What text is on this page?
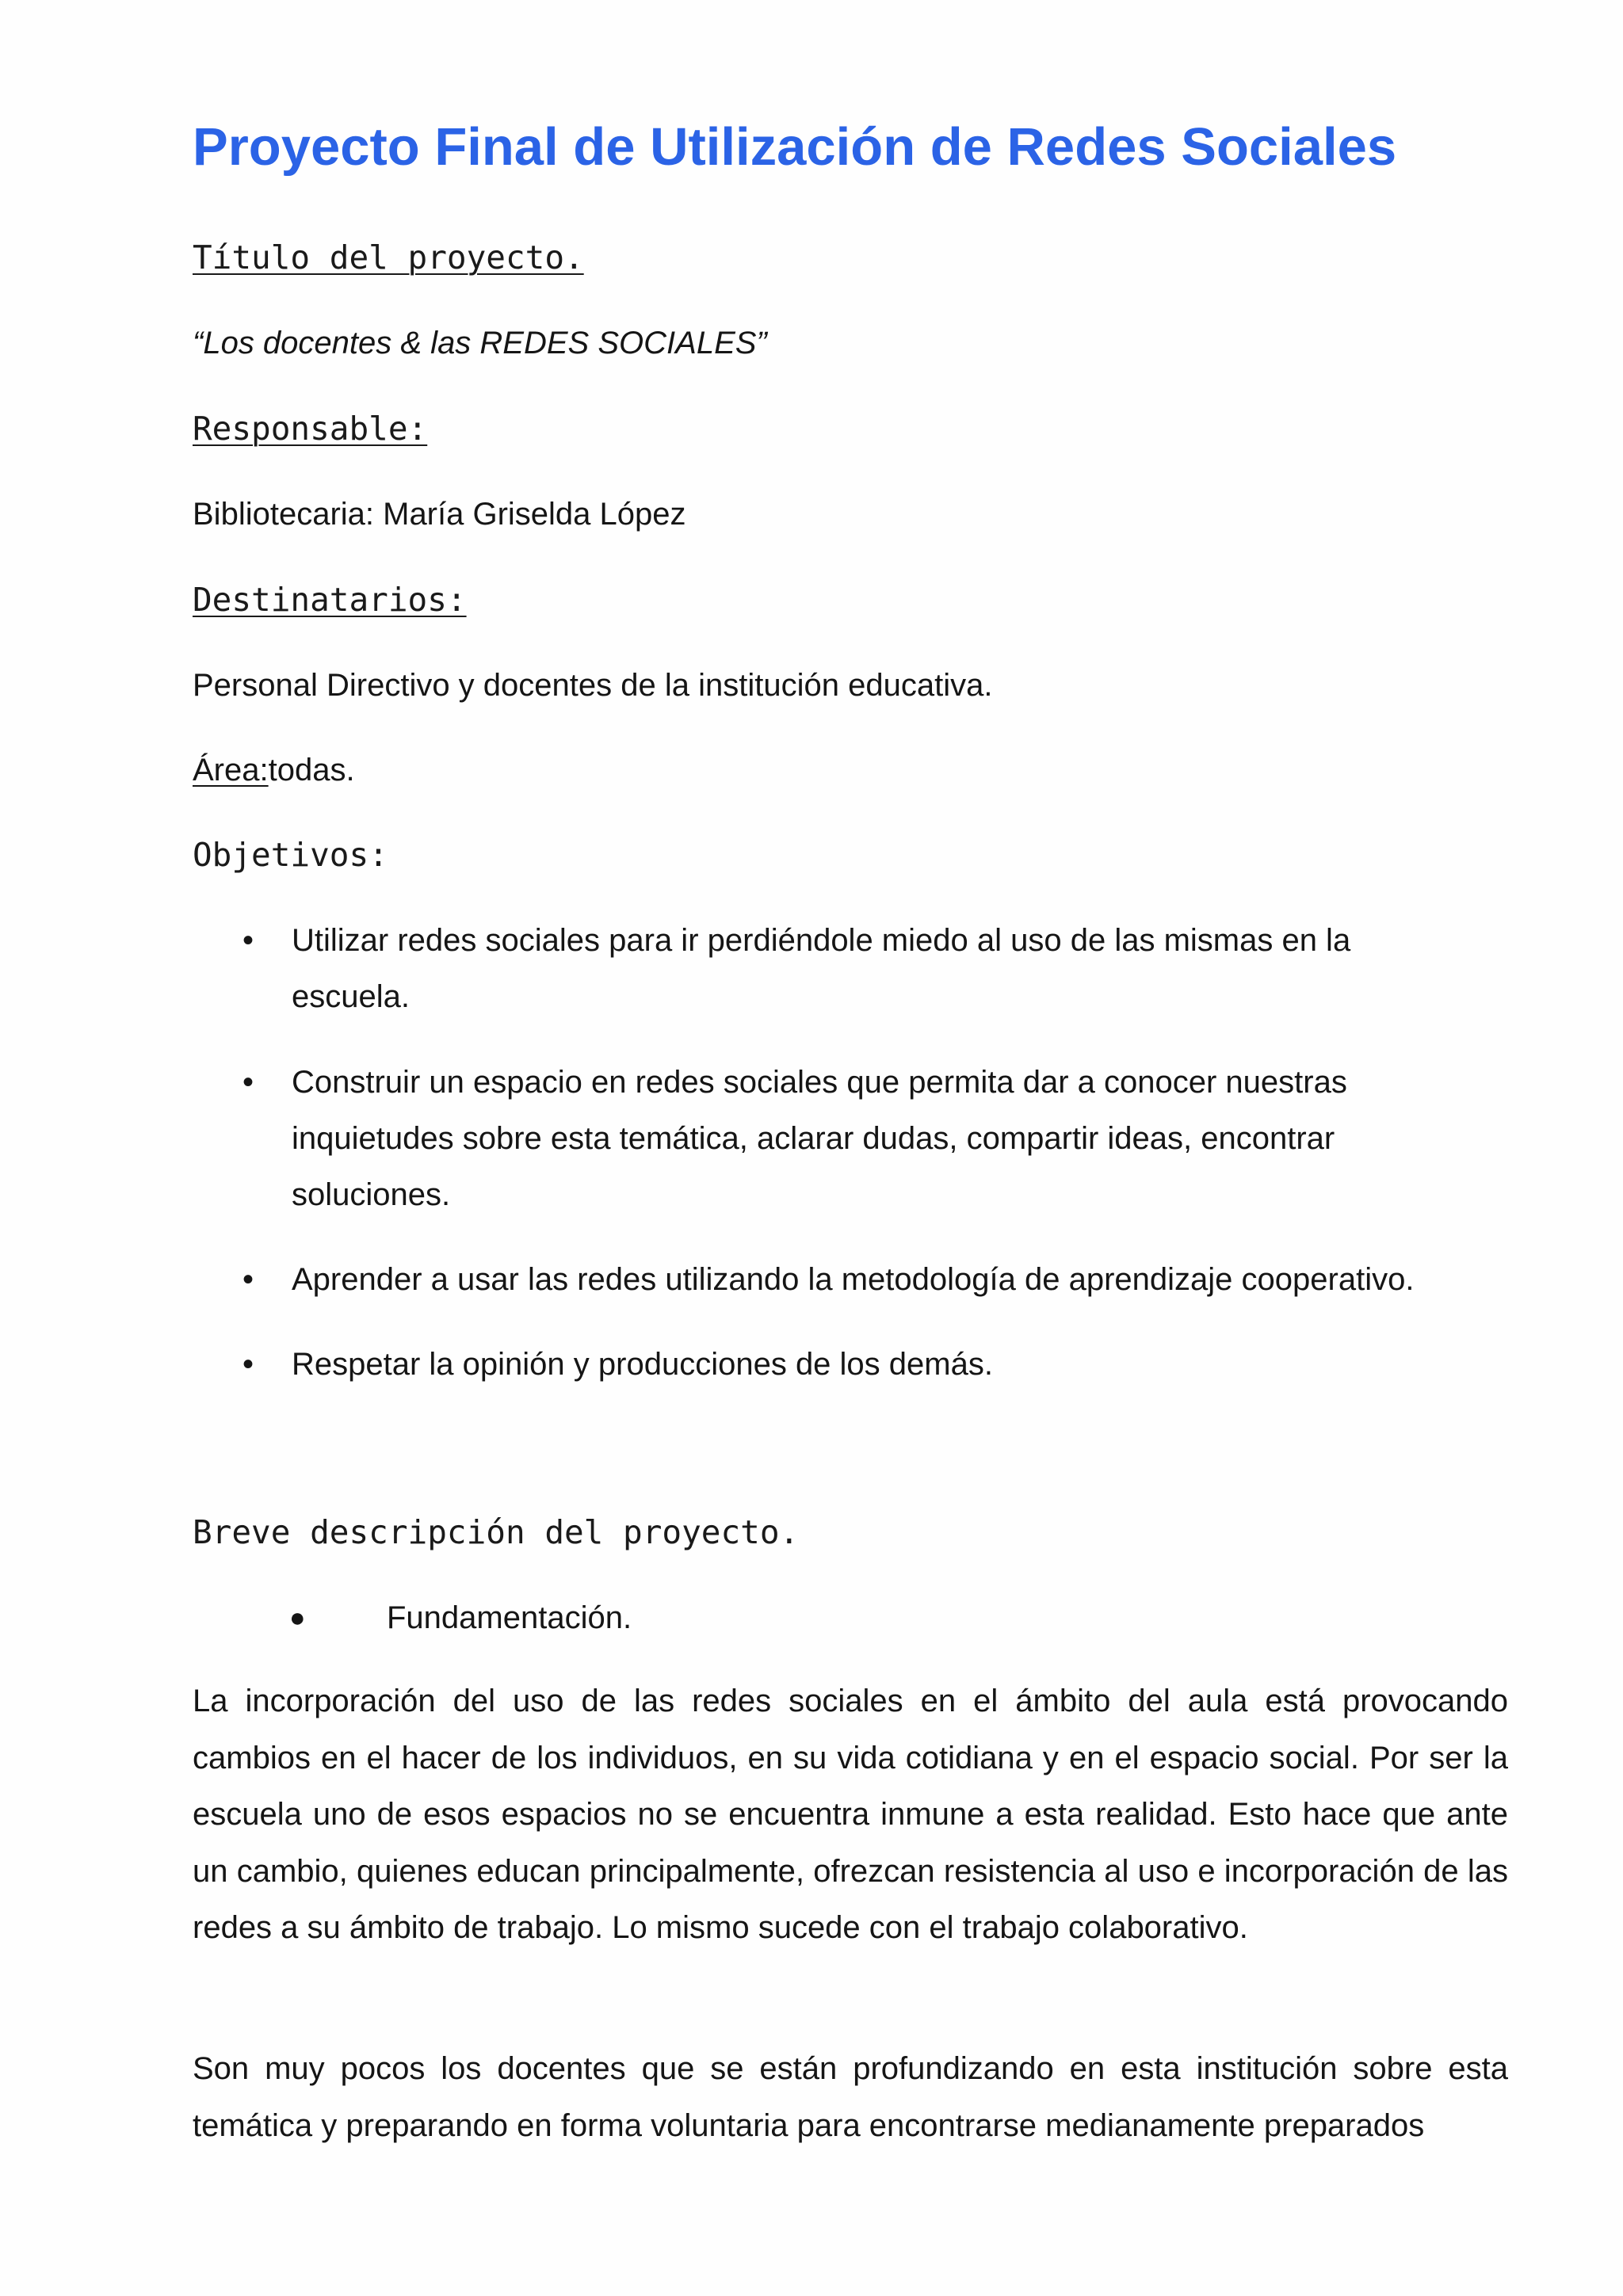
Proyecto Final de Utilización de Redes Sociales
Título del proyecto.
“Los docentes & las REDES SOCIALES”
Responsable:
Bibliotecaria: María Griselda López
Destinatarios:
Personal Directivo y docentes de la institución educativa.
Área:todas.
Objetivos:
• Utilizar redes sociales para ir perdiéndole miedo al uso de las mismas en la
escuela.
• Construir un espacio en redes sociales que permita dar a conocer nuestras
inquietudes sobre esta temática, aclarar dudas, compartir ideas, encontrar
soluciones.
• Aprender a usar las redes utilizando la metodología de aprendizaje cooperativo.
• Respetar la opinión y producciones de los demás.
Breve descripción del proyecto.
●	Fundamentación.

La incorporación del uso de las redes sociales en el ámbito del aula está provocando cambios en el hacer de los individuos, en su vida cotidiana y en el espacio social. Por ser la escuela uno de esos espacios no se encuentra inmune a esta realidad. Esto hace que ante un cambio, quienes educan principalmente, ofrezcan resistencia al uso e incorporación de las redes a su ámbito de trabajo. Lo mismo sucede con el trabajo colaborativo.

Son muy pocos los docentes que se están profundizando en esta institución sobre esta temática y preparando en forma voluntaria para encontrarse medianamente preparados
